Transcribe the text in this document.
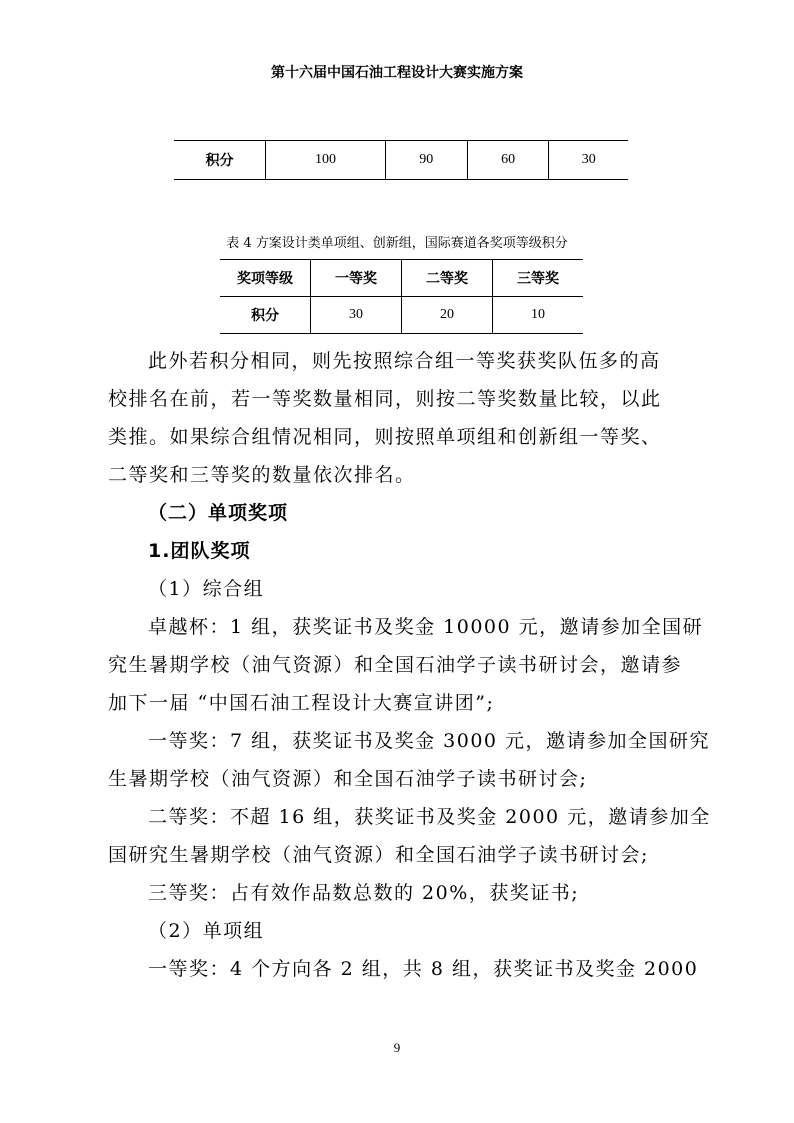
第十六届中国石油工程设计大赛实施方案
积分	100	90	60	30
表 4 方案设计类单项组、创新组，国际赛道各奖项等级积分
奖项等级	一等奖	二等奖	三等奖
积分	30	20	10
此外若积分相同，则先按照综合组一等奖获奖队伍多的高
校排名在前，若一等奖数量相同，则按二等奖数量比较，以此
类推。如果综合组情况相同，则按照单项组和创新组一等奖、
二等奖和三等奖的数量依次排名。
（二）单项奖项
1.团队奖项
（1）综合组
卓越杯：1 组，获奖证书及奖金 10000 元，邀请参加全国研
究生暑期学校（油气资源）和全国石油学子读书研讨会，邀请参
加下一届 “中国石油工程设计大赛宣讲团”;
一等奖：7 组，获奖证书及奖金 3000 元，邀请参加全国研究
生暑期学校（油气资源）和全国石油学子读书研讨会;
二等奖：不超 16 组，获奖证书及奖金 2000 元，邀请参加全
国研究生暑期学校（油气资源）和全国石油学子读书研讨会;
三等奖：占有效作品数总数的 20%，获奖证书;
（2）单项组
一等奖：4 个方向各 2 组，共 8 组，获奖证书及奖金 2000
9
